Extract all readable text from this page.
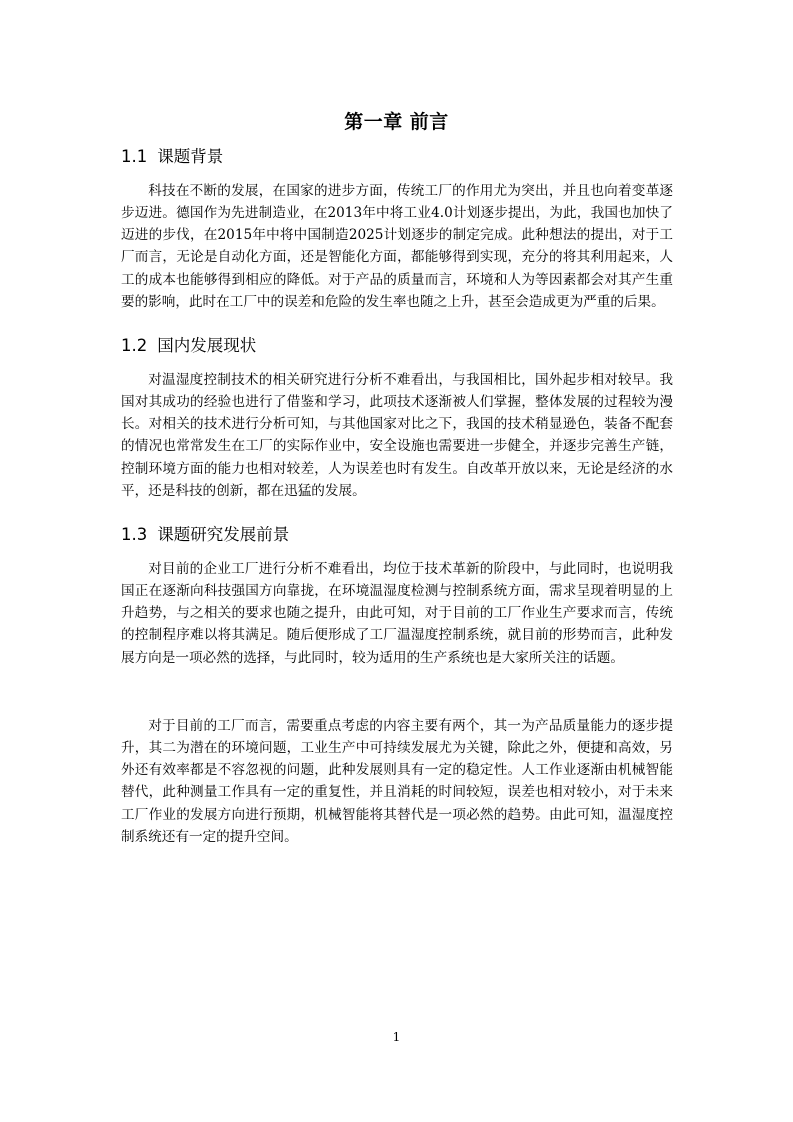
第一章 前言
1.1 课题背景

科技在不断的发展，在国家的进步方面，传统工厂的作用尤为突出，并且也向着变革逐步迈进。德国作为先进制造业，在2013年中将工业4.0计划逐步提出，为此，我国也加快了迈进的步伐，在2015年中将中国制造2025计划逐步的制定完成。此种想法的提出，对于工厂而言，无论是自动化方面，还是智能化方面，都能够得到实现，充分的将其利用起来，人工的成本也能够得到相应的降低。对于产品的质量而言，环境和人为等因素都会对其产生重要的影响，此时在工厂中的误差和危险的发生率也随之上升，甚至会造成更为严重的后果。

1.2 国内发展现状

对温湿度控制技术的相关研究进行分析不难看出，与我国相比，国外起步相对较早。我国对其成功的经验也进行了借鉴和学习，此项技术逐渐被人们掌握，整体发展的过程较为漫长。对相关的技术进行分析可知，与其他国家对比之下，我国的技术稍显逊色，装备不配套的情况也常常发生在工厂的实际作业中，安全设施也需要进一步健全，并逐步完善生产链，控制环境方面的能力也相对较差，人为误差也时有发生。自改革开放以来，无论是经济的水平，还是科技的创新，都在迅猛的发展。

1.3 课题研究发展前景

对目前的企业工厂进行分析不难看出，均位于技术革新的阶段中，与此同时，也说明我国正在逐渐向科技强国方向靠拢，在环境温湿度检测与控制系统方面，需求呈现着明显的上升趋势，与之相关的要求也随之提升，由此可知，对于目前的工厂作业生产要求而言，传统的控制程序难以将其满足。随后便形成了工厂温湿度控制系统，就目前的形势而言，此种发展方向是一项必然的选择，与此同时，较为适用的生产系统也是大家所关注的话题。

对于目前的工厂而言，需要重点考虑的内容主要有两个，其一为产品质量能力的逐步提升，其二为潜在的环境问题，工业生产中可持续发展尤为关键，除此之外，便捷和高效，另外还有效率都是不容忽视的问题，此种发展则具有一定的稳定性。人工作业逐渐由机械智能替代，此种测量工作具有一定的重复性，并且消耗的时间较短，误差也相对较小，对于未来工厂作业的发展方向进行预期，机械智能将其替代是一项必然的趋势。由此可知，温湿度控制系统还有一定的提升空间。

1
